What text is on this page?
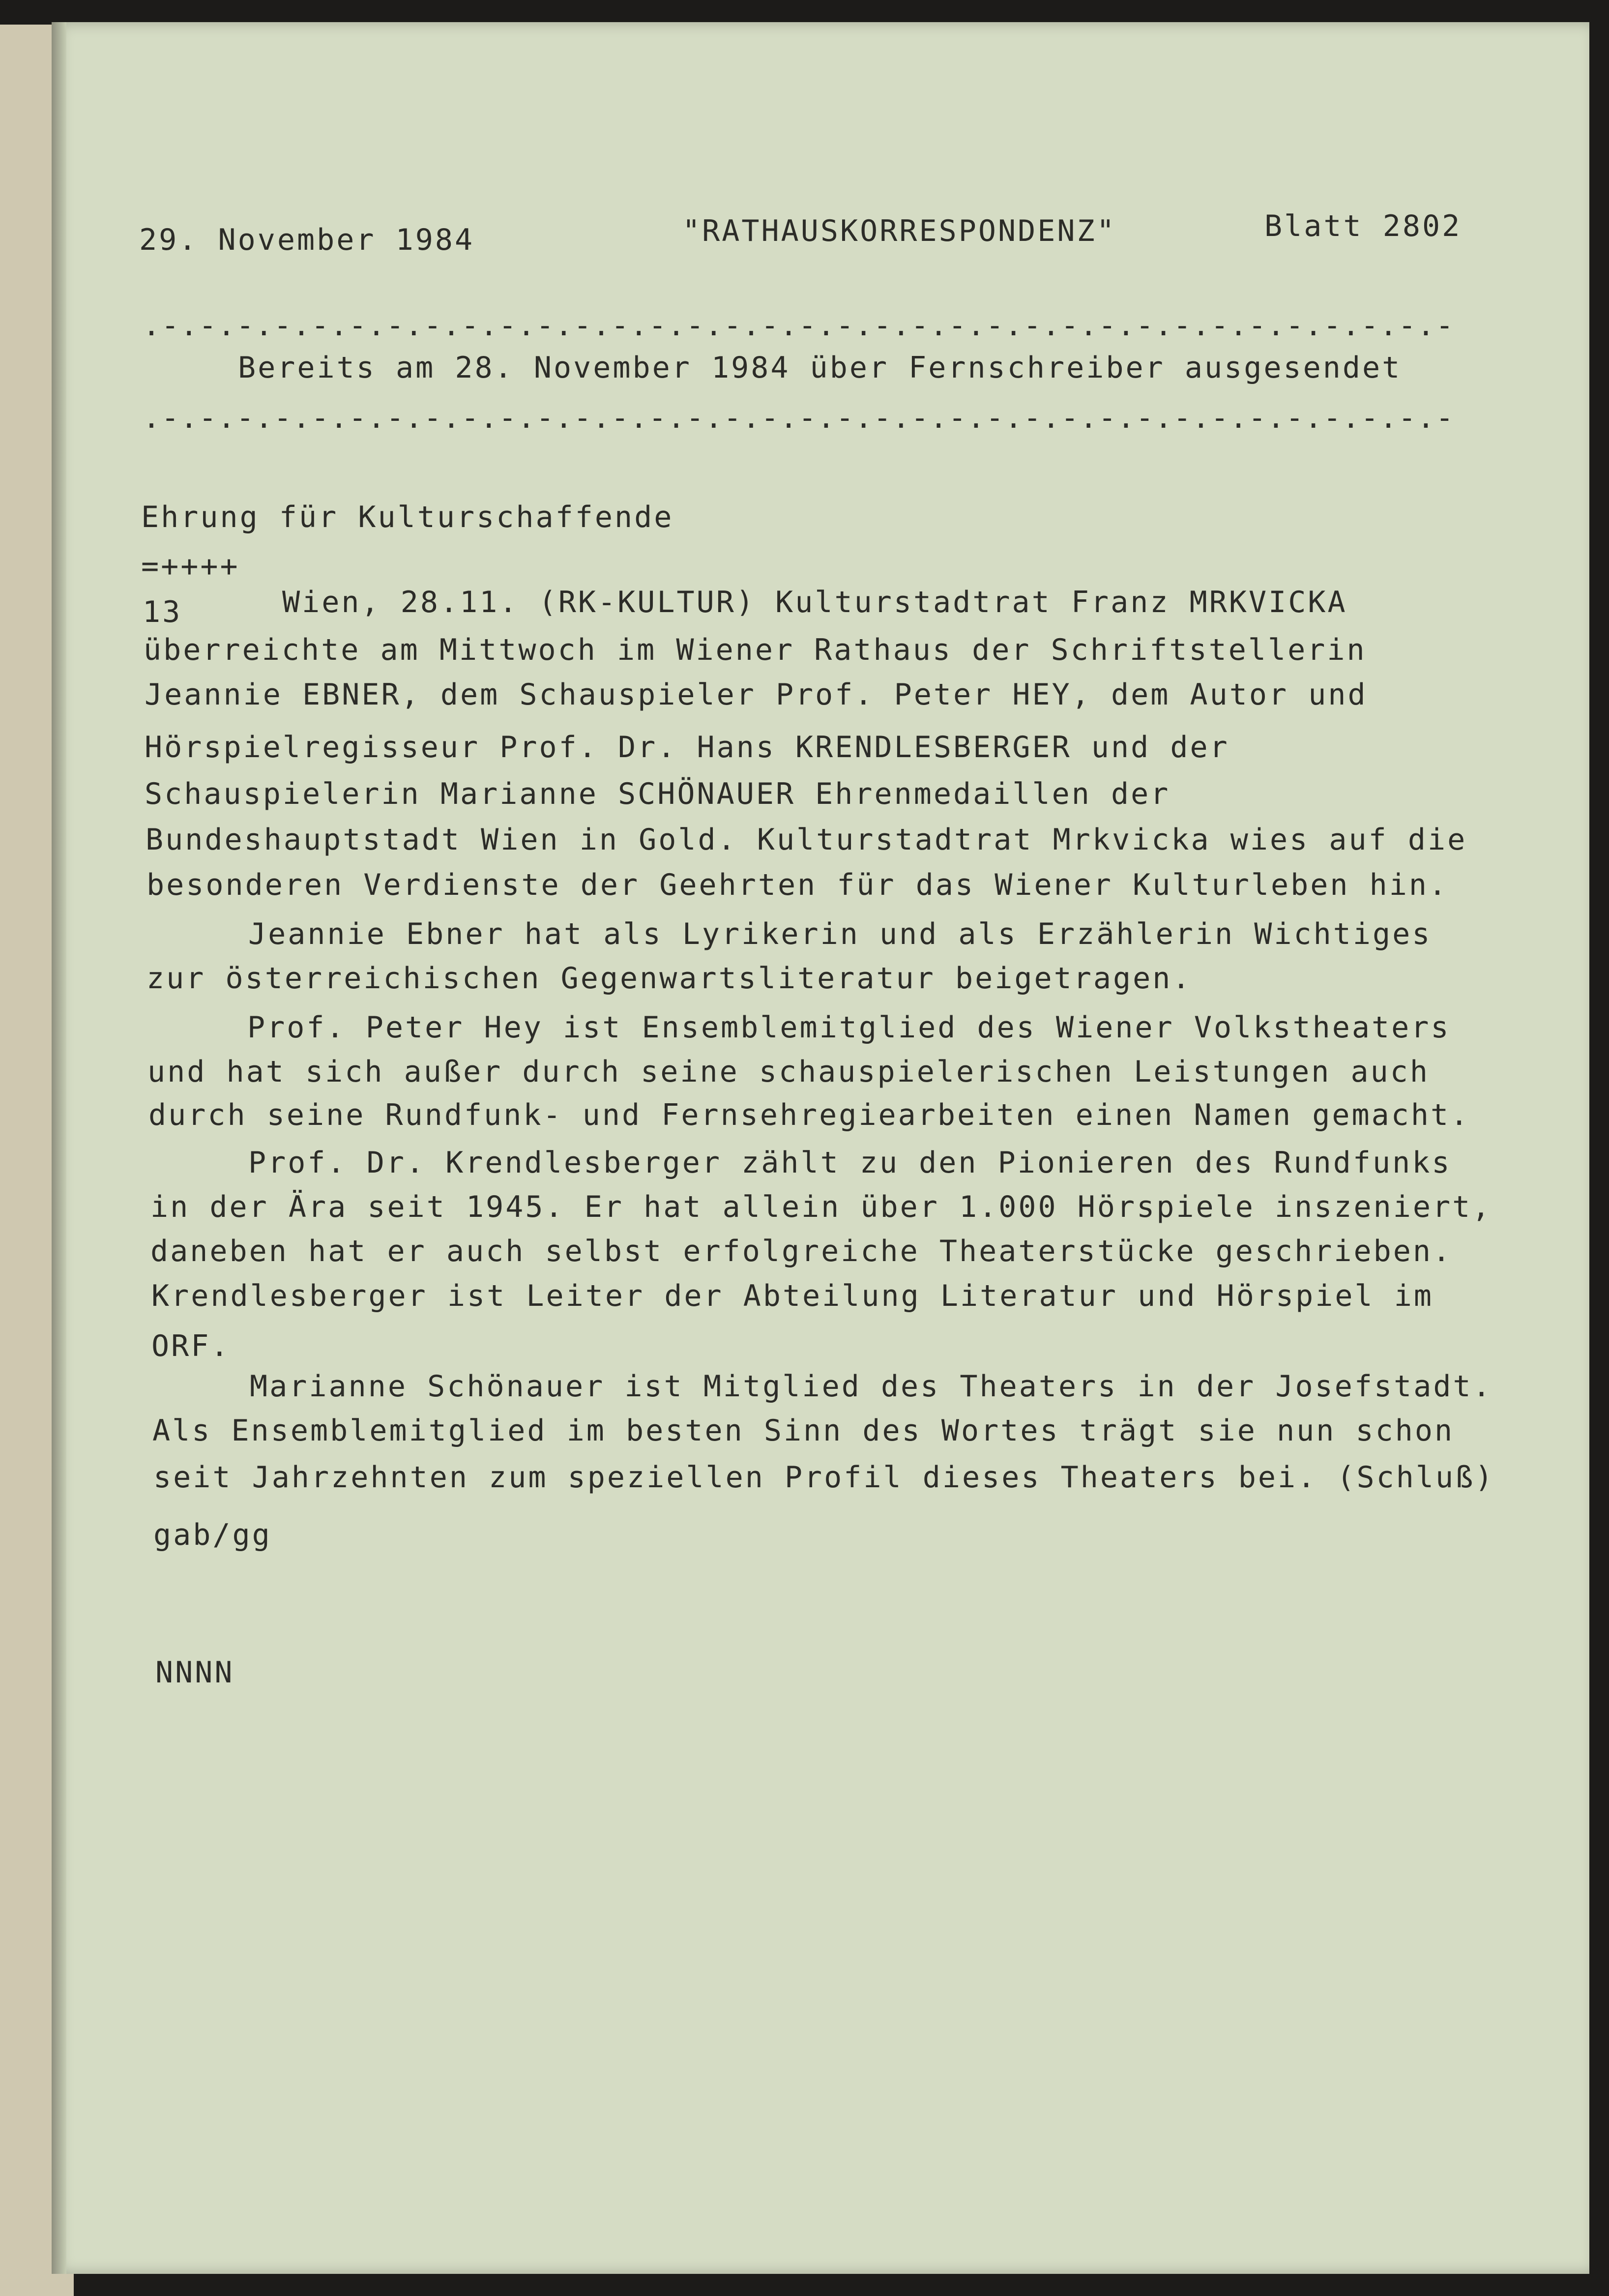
29. November 1984	"RATHAUSKORRESPONDENZ"	Blatt 2802
.-.-.-.-.-.-.-.-.-.-.-.-.-.-.-.-.-.-.-.-.-.-.-.-.-.-.-.-.-.-.-.-.-.-.-
Bereits am 28. November 1984 über Fernschreiber ausgesendet
.-.-.-.-.-.-.-.-.-.-.-.-.-.-.-.-.-.-.-.-.-.-.-.-.-.-.-.-.-.-.-.-.-.-.-
Ehrung für Kulturschaffende
=++++
13	Wien, 28.11. (RK-KULTUR) Kulturstadtrat Franz MRKVICKA
überreichte am Mittwoch im Wiener Rathaus der Schriftstellerin
Jeannie EBNER, dem Schauspieler Prof. Peter HEY, dem Autor und
Hörspielregisseur Prof. Dr. Hans KRENDLESBERGER und der
Schauspielerin Marianne SCHÖNAUER Ehrenmedaillen der
Bundeshauptstadt Wien in Gold. Kulturstadtrat Mrkvicka wies auf die
besonderen Verdienste der Geehrten für das Wiener Kulturleben hin.
Jeannie Ebner hat als Lyrikerin und als Erzählerin Wichtiges
zur österreichischen Gegenwartsliteratur beigetragen.
Prof. Peter Hey ist Ensemblemitglied des Wiener Volkstheaters
und hat sich außer durch seine schauspielerischen Leistungen auch
durch seine Rundfunk- und Fernsehregiearbeiten einen Namen gemacht.
Prof. Dr. Krendlesberger zählt zu den Pionieren des Rundfunks
in der Ära seit 1945. Er hat allein über 1.000 Hörspiele inszeniert,
daneben hat er auch selbst erfolgreiche Theaterstücke geschrieben.
Krendlesberger ist Leiter der Abteilung Literatur und Hörspiel im
ORF.
Marianne Schönauer ist Mitglied des Theaters in der Josefstadt.
Als Ensemblemitglied im besten Sinn des Wortes trägt sie nun schon
seit Jahrzehnten zum speziellen Profil dieses Theaters bei. (Schluß)
gab/gg
NNNN
